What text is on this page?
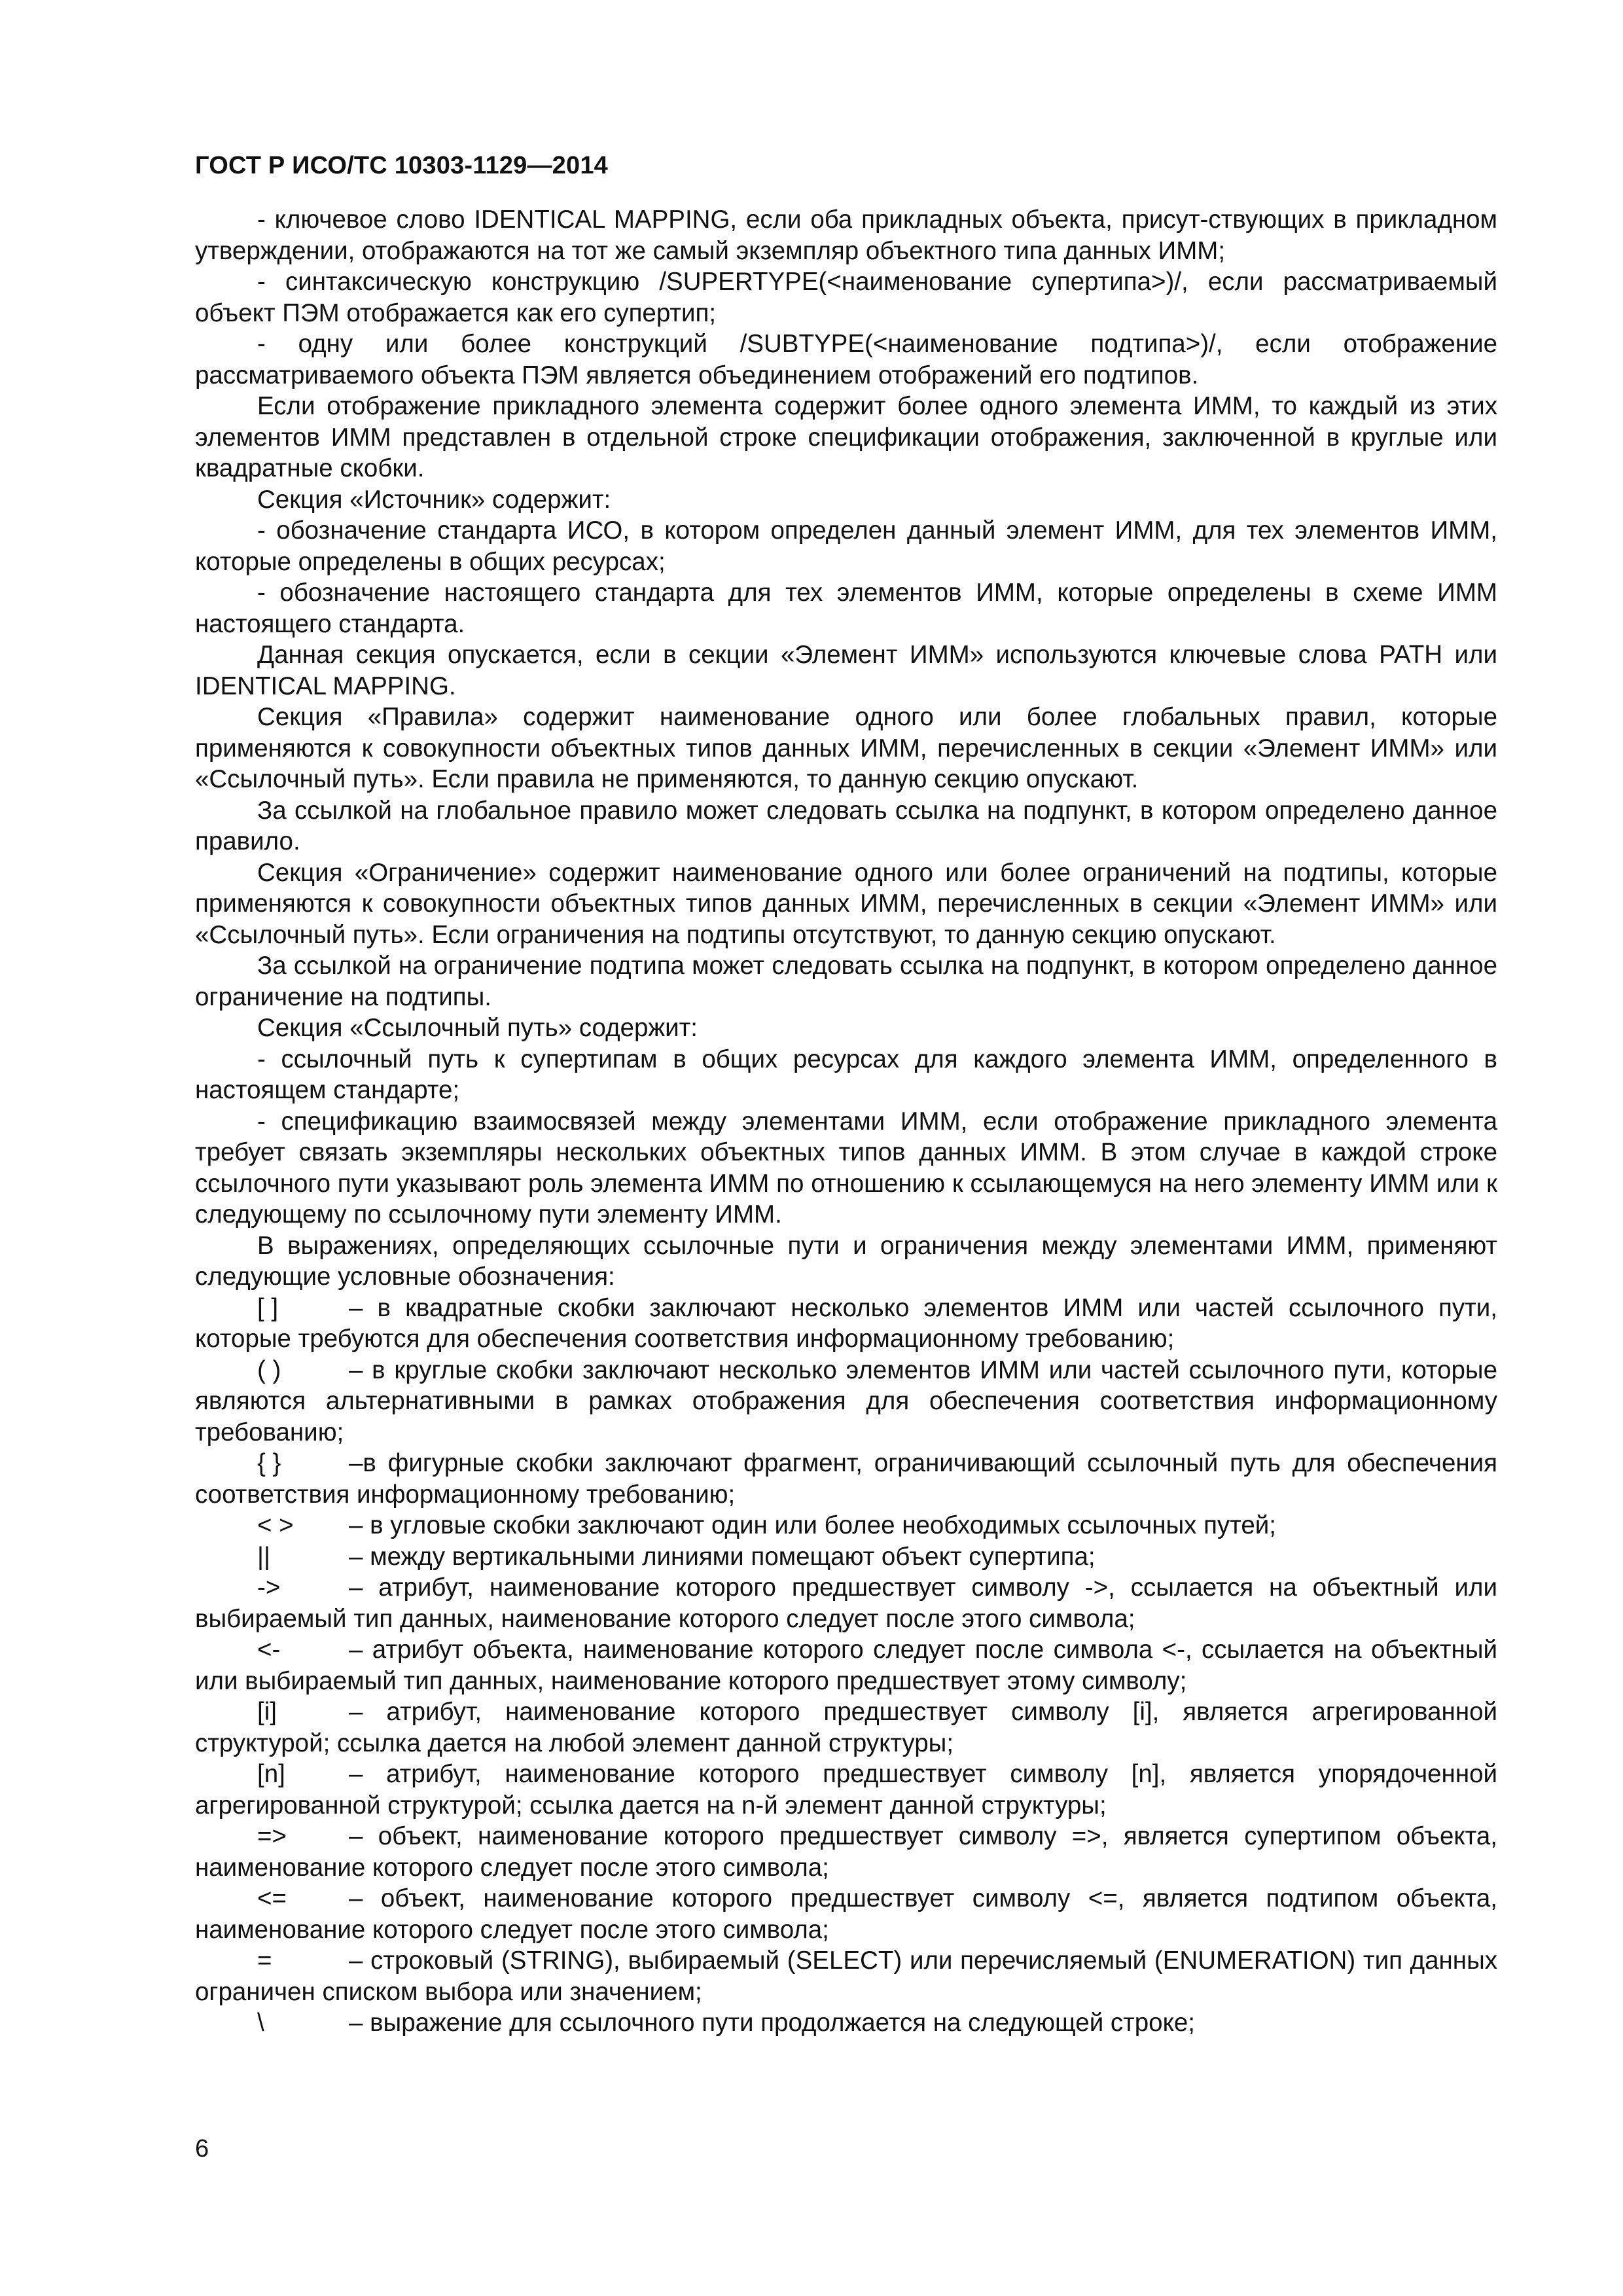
ГОСТ Р ИСО/ТС 10303-1129—2014

- ключевое слово IDENTICAL MAPPING, если оба прикладных объекта, присут-ствующих в прикладном утверждении, отображаются на тот же самый экземпляр объектного типа данных ИММ;

- синтаксическую конструкцию /SUPERTYPE(<наименование супертипа>)/, если рассматриваемый объект ПЭМ отображается как его супертип;

- одну или более конструкций /SUBTYPE(<наименование подтипа>)/, если отображение рассматриваемого объекта ПЭМ является объединением отображений его подтипов.

Если отображение прикладного элемента содержит более одного элемента ИММ, то каждый из этих элементов ИММ представлен в отдельной строке спецификации отображения, заключенной в круглые или квадратные скобки.

Секция «Источник» содержит:

- обозначение стандарта ИСО, в котором определен данный элемент ИММ, для тех элементов ИММ, которые определены в общих ресурсах;

- обозначение настоящего стандарта для тех элементов ИММ, которые определены в схеме ИММ настоящего стандарта.

Данная секция опускается, если в секции «Элемент ИММ» используются ключевые слова PATH или IDENTICAL MAPPING.

Секция «Правила» содержит наименование одного или более глобальных правил, которые применяются к совокупности объектных типов данных ИММ, перечисленных в секции «Элемент ИММ» или «Ссылочный путь». Если правила не применяются, то данную секцию опускают.

За ссылкой на глобальное правило может следовать ссылка на подпункт, в котором определено данное правило.

Секция «Ограничение» содержит наименование одного или более ограничений на подтипы, которые применяются к совокупности объектных типов данных ИММ, перечисленных в секции «Элемент ИММ» или «Ссылочный путь». Если ограничения на подтипы отсутствуют, то данную секцию опускают.

За ссылкой на ограничение подтипа может следовать ссылка на подпункт, в котором определено данное ограничение на подтипы.

Секция «Ссылочный путь» содержит:

- ссылочный путь к супертипам в общих ресурсах для каждого элемента ИММ, определенного в настоящем стандарте;

- спецификацию взаимосвязей между элементами ИММ, если отображение прикладного элемента требует связать экземпляры нескольких объектных типов данных ИММ. В этом случае в каждой строке ссылочного пути указывают роль элемента ИММ по отношению к ссылающемуся на него элементу ИММ или к следующему по ссылочному пути элементу ИММ.

В выражениях, определяющих ссылочные пути и ограничения между элементами ИММ, применяют следующие условные обозначения:

[ ]	– в квадратные скобки заключают несколько элементов ИММ или частей ссылочного пути, которые требуются для обеспечения соответствия информационному требованию;

( )	– в круглые скобки заключают несколько элементов ИММ или частей ссылочного пути, которые являются альтернативными в рамках отображения для обеспечения соответствия информационному требованию;

{ }	–в фигурные скобки заключают фрагмент, ограничивающий ссылочный путь для обеспечения соответствия информационному требованию;

< > – в угловые скобки заключают один или более необходимых ссылочных путей;

||	– между вертикальными линиями помещают объект супертипа;

->	– атрибут, наименование которого предшествует символу ->, ссылается на объектный или выбираемый тип данных, наименование которого следует после этого символа;

<-	– атрибут объекта, наименование которого следует после символа <-, ссылается на объектный или выбираемый тип данных, наименование которого предшествует этому символу;

[i]	– атрибут, наименование которого предшествует символу [i], является агрегированной структурой; ссылка дается на любой элемент данной структуры;

[n]	– атрибут, наименование которого предшествует символу [n], является упорядоченной агрегированной структурой; ссылка дается на n-й элемент данной структуры;

=> – объект, наименование которого предшествует символу =>, является супертипом объекта, наименование которого следует после этого символа;

<= – объект, наименование которого предшествует символу <=, является подтипом объекта, наименование которого следует после этого символа;

=	– строковый (STRING), выбираемый (SELECT) или перечисляемый (ENUMERATION) тип данных ограничен списком выбора или значением;

\	– выражение для ссылочного пути продолжается на следующей строке;

6
